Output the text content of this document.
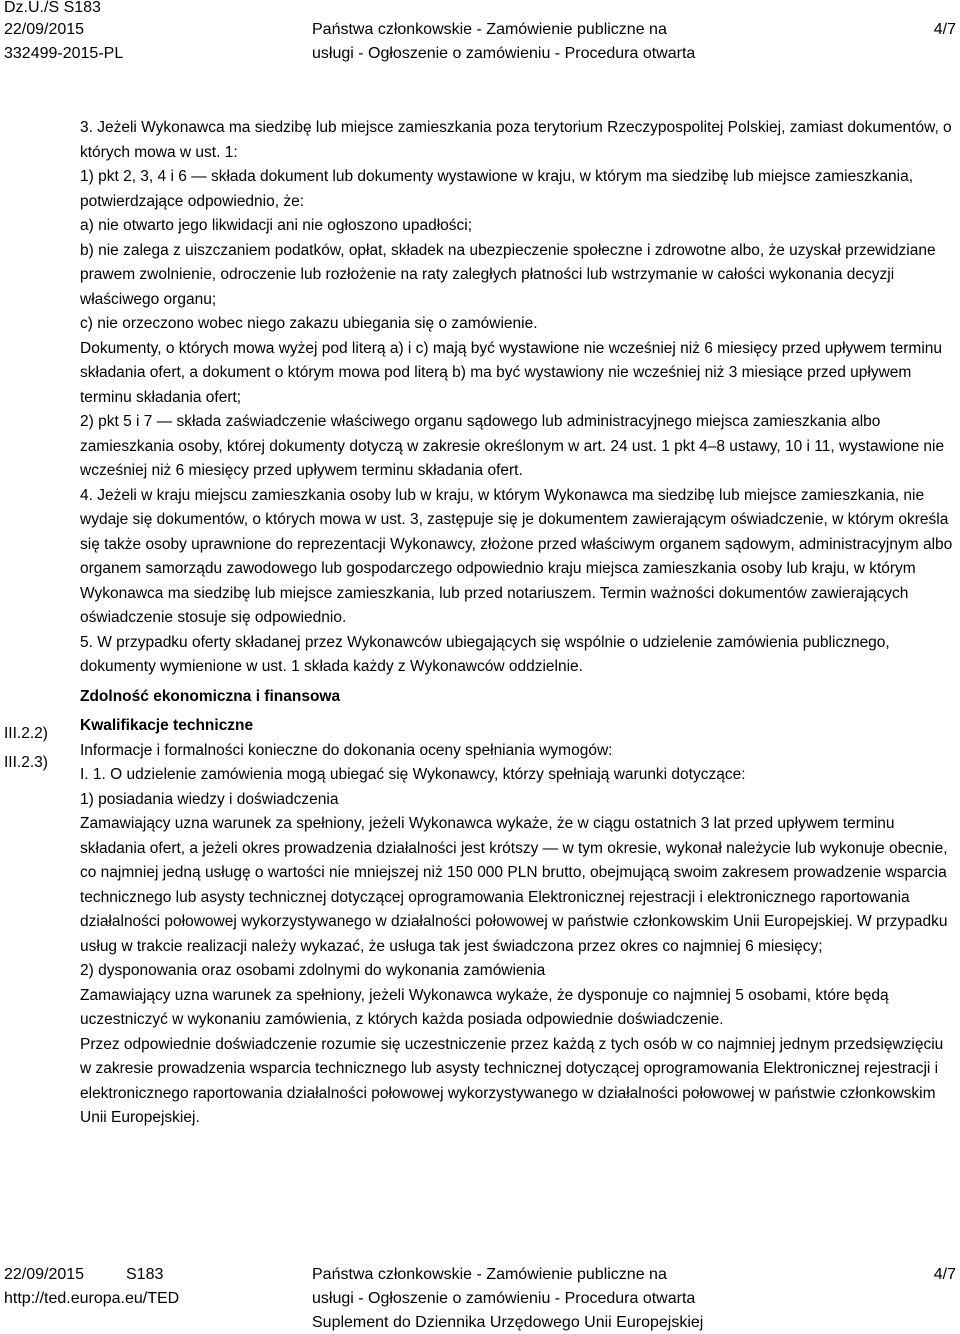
Dz.U./S S183
22/09/2015
332499-2015-PL
Państwa członkowskie - Zamówienie publiczne na
usługi - Ogłoszenie o zamówieniu - Procedura otwarta
4/7
III.2.2)
III.2.3)

3. Jeżeli Wykonawca ma siedzibę lub miejsce zamieszkania poza terytorium Rzeczypospolitej Polskiej, zamiast dokumentów, o których mowa w ust. 1:

1) pkt 2, 3, 4 i 6 — składa dokument lub dokumenty wystawione w kraju, w którym ma siedzibę lub miejsce zamieszkania, potwierdzające odpowiednio, że:

a) nie otwarto jego likwidacji ani nie ogłoszono upadłości;

b) nie zalega z uiszczaniem podatków, opłat, składek na ubezpieczenie społeczne i zdrowotne albo, że uzyskał przewidziane prawem zwolnienie, odroczenie lub rozłożenie na raty zaległych płatności lub wstrzymanie w całości wykonania decyzji właściwego organu;

c) nie orzeczono wobec niego zakazu ubiegania się o zamówienie.

Dokumenty, o których mowa wyżej pod literą a) i c) mają być wystawione nie wcześniej niż 6 miesięcy przed upływem terminu składania ofert, a dokument o którym mowa pod literą b) ma być wystawiony nie wcześniej niż 3 miesiące przed upływem terminu składania ofert;

2) pkt 5 i 7 — składa zaświadczenie właściwego organu sądowego lub administracyjnego miejsca zamieszkania albo zamieszkania osoby, której dokumenty dotyczą w zakresie określonym w art. 24 ust. 1 pkt 4–8 ustawy, 10 i 11, wystawione nie wcześniej niż 6 miesięcy przed upływem terminu składania ofert.

4. Jeżeli w kraju miejscu zamieszkania osoby lub w kraju, w którym Wykonawca ma siedzibę lub miejsce zamieszkania, nie wydaje się dokumentów, o których mowa w ust. 3, zastępuje się je dokumentem zawierającym oświadczenie, w którym określa się także osoby uprawnione do reprezentacji Wykonawcy, złożone przed właściwym organem sądowym, administracyjnym albo organem samorządu zawodowego lub gospodarczego odpowiednio kraju miejsca zamieszkania osoby lub kraju, w którym Wykonawca ma siedzibę lub miejsce zamieszkania, lub przed notariuszem. Termin ważności dokumentów zawierających oświadczenie stosuje się odpowiednio.

5. W przypadku oferty składanej przez Wykonawców ubiegających się wspólnie o udzielenie zamówienia publicznego, dokumenty wymienione w ust. 1 składa każdy z Wykonawców oddzielnie.

Zdolność ekonomiczna i finansowa

Kwalifikacje techniczne

Informacje i formalności konieczne do dokonania oceny spełniania wymogów:

I. 1. O udzielenie zamówienia mogą ubiegać się Wykonawcy, którzy spełniają warunki dotyczące:

1) posiadania wiedzy i doświadczenia

Zamawiający uzna warunek za spełniony, jeżeli Wykonawca wykaże, że w ciągu ostatnich 3 lat przed upływem terminu składania ofert, a jeżeli okres prowadzenia działalności jest krótszy — w tym okresie, wykonał należycie lub wykonuje obecnie, co najmniej jedną usługę o wartości nie mniejszej niż 150 000 PLN brutto, obejmującą swoim zakresem prowadzenie wsparcia technicznego lub asysty technicznej dotyczącej oprogramowania Elektronicznej rejestracji i elektronicznego raportowania działalności połowowej wykorzystywanego w działalności połowowej w państwie członkowskim Unii Europejskiej. W przypadku usług w trakcie realizacji należy wykazać, że usługa tak jest świadczona przez okres co najmniej 6 miesięcy;

2) dysponowania oraz osobami zdolnymi do wykonania zamówienia

Zamawiający uzna warunek za spełniony, jeżeli Wykonawca wykaże, że dysponuje co najmniej 5 osobami, które będą uczestniczyć w wykonaniu zamówienia, z których każda posiada odpowiednie doświadczenie.

Przez odpowiednie doświadczenie rozumie się uczestniczenie przez każdą z tych osób w co najmniej jednym przedsięwzięciu w zakresie prowadzenia wsparcia technicznego lub asysty technicznej dotyczącej oprogramowania Elektronicznej rejestracji i elektronicznego raportowania działalności połowowej wykorzystywanego w działalności połowowej w państwie członkowskim Unii Europejskiej.

22/09/2015	S183
http://ted.europa.eu/TED
Państwa członkowskie - Zamówienie publiczne na
usługi - Ogłoszenie o zamówieniu - Procedura otwarta
Suplement do Dziennika Urzędowego Unii Europejskiej
4/7
